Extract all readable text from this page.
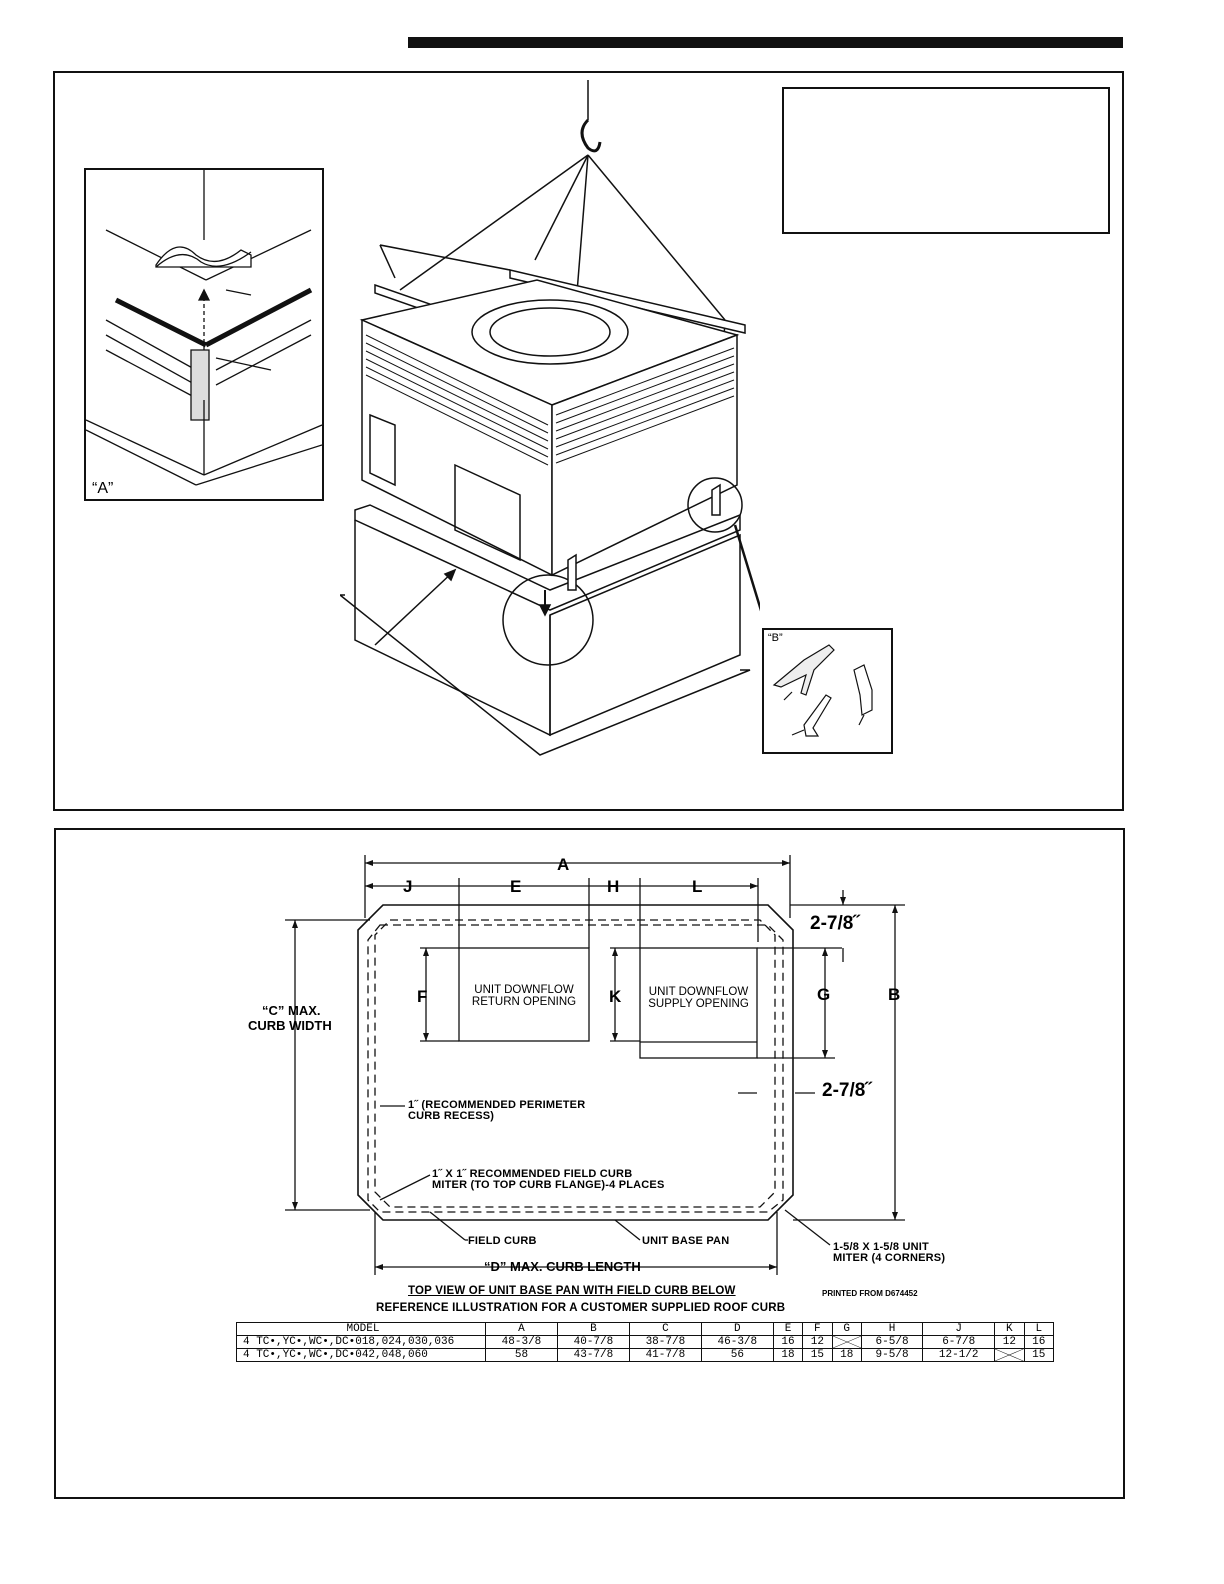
“A”
“B”
A
J	E	H	L
B
G
F	K
2-7/8˝
2-7/8˝
“C” MAX.
CURB WIDTH
“D” MAX. CURB LENGTH
UNIT DOWNFLOW
RETURN OPENING
UNIT DOWNFLOW
SUPPLY OPENING
1˝ (RECOMMENDED PERIMETER
CURB RECESS)
1˝ X 1˝ RECOMMENDED FIELD CURB
MITER (TO TOP CURB FLANGE)-4 PLACES
FIELD CURB	UNIT BASE PAN	1-5/8 X 1-5/8 UNIT
MITER (4 CORNERS)
PRINTED FROM D674452
TOP VIEW OF UNIT BASE PAN WITH FIELD CURB BELOW
REFERENCE ILLUSTRATION FOR A CUSTOMER SUPPLIED ROOF CURB
MODEL	A	B	C	D	E	F	G	H	J	K	L
4 TC•,YC•,WC•,DC•018,024,030,036	48-3/8	40-7/8	38-7/8	46-3/8	16	12		6-5/8	6-7/8	12	16
4 TC•,YC•,WC•,DC•042,048,060	58	43-7/8	41-7/8	56	18	15	18	9-5/8	12-1/2		15
